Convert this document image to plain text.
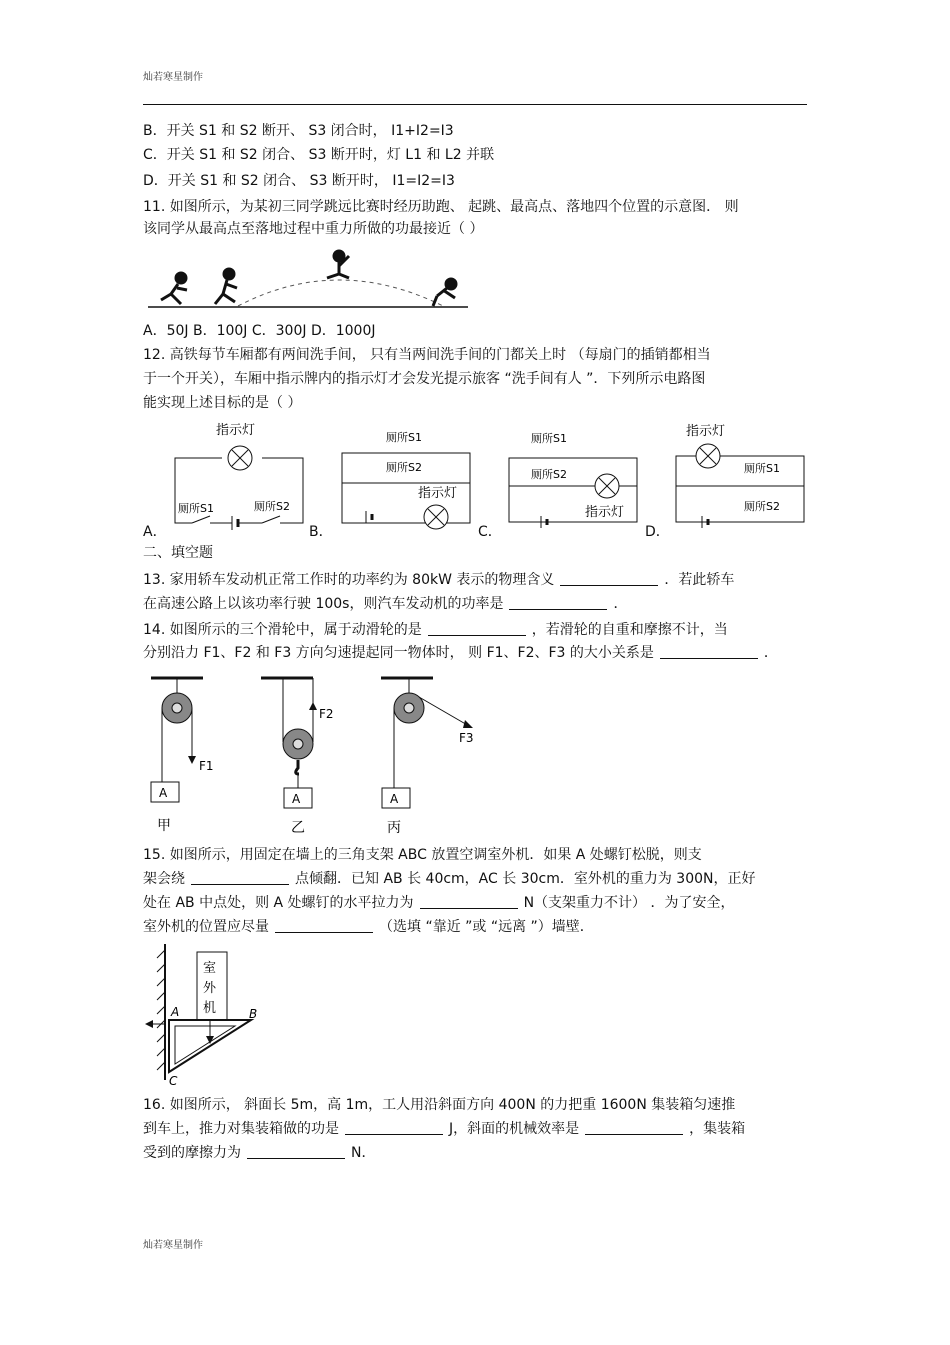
灿若寒星制作
B．开关 S1 和 S2 断开、 S3 闭合时， I1+I2=I3
C．开关 S1 和 S2 闭合、 S3 断开时，灯 L1 和 L2 并联
D．开关 S1 和 S2 闭合、 S3 断开时， I1=I2=I3
11. 如图所示，为某初三同学跳远比赛时经历助跑、 起跳、最高点、落地四个位置的示意图． 则
该同学从最高点至落地过程中重力所做的功最接近（ ）
A．50J B．100J C．300J D．1000J
12. 高铁每节车厢都有两间洗手间， 只有当两间洗手间的门都关上时 （每扇门的插销都相当
于一个开关），车厢中指示牌内的指示灯才会发光提示旅客 “洗手间有人 ”．下列所示电路图
能实现上述目标的是（ ）
A．
指示灯
厕所S1	厕所S2
B．
厕所S1
厕所S2
指示灯
C．
厕所S1
厕所S2
指示灯
D．
指示灯
厕所S1
厕所S2
二、填空题
13. 家用轿车发动机正常工作时的功率约为 80kW 表示的物理含义	．若此轿车
在高速公路上以该功率行驶 100s，则汽车发动机的功率是	．
14. 如图所示的三个滑轮中，属于动滑轮的是	，若滑轮的自重和摩擦不计，当
分别沿力 F1、F2 和 F3 方向匀速提起同一物体时， 则 F1、F2、F3 的大小关系是	．
F1
A
甲
F2
A
乙
F3
A
丙
15. 如图所示，用固定在墙上的三角支架 ABC 放置空调室外机．如果 A 处螺钉松脱，则支
架会绕	点倾翻．已知 AB 长 40cm，AC 长 30cm．室外机的重力为 300N，正好
处在 AB 中点处，则 A 处螺钉的水平拉力为	N（支架重力不计） ．为了安全，
室外机的位置应尽量	（选填 “靠近 ”或 “远离 ”）墙壁．
室
外
机
A	B
C
16. 如图所示， 斜面长 5m，高 1m，工人用沿斜面方向 400N 的力把重 1600N 集装箱匀速推
到车上，推力对集装箱做的功是	J，斜面的机械效率是	，集装箱
受到的摩擦力为	N．
灿若寒星制作
